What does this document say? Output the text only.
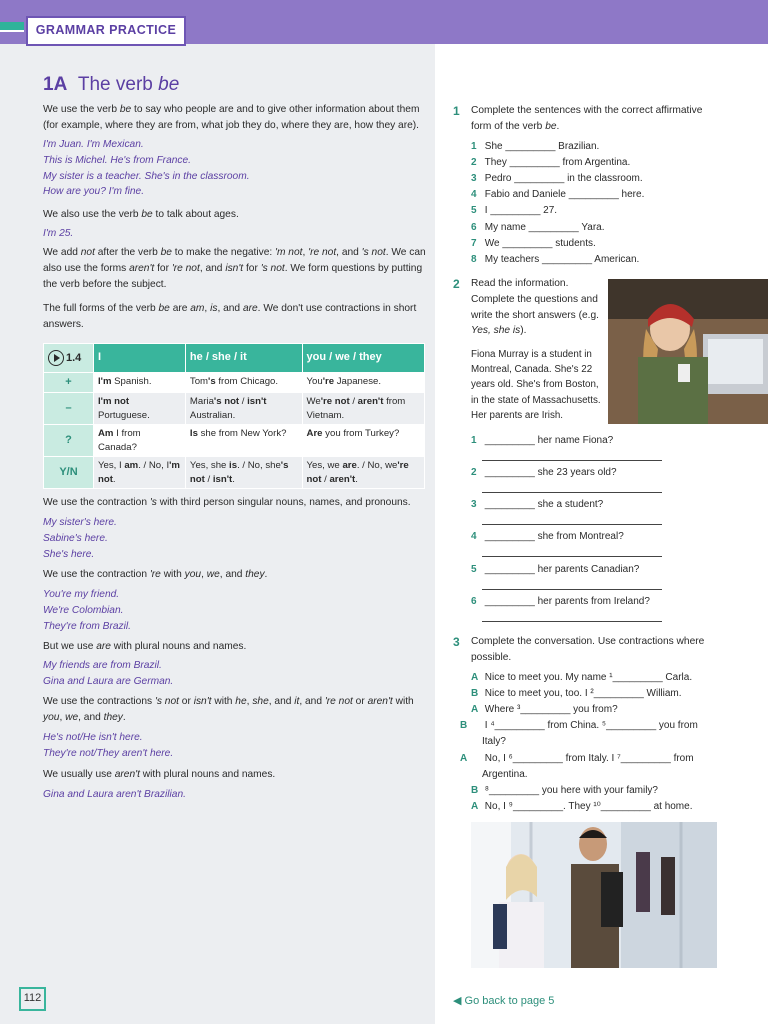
GRAMMAR PRACTICE
1A The verb be

We use the verb be to say who people are and to give other information about them (for example, where they are from, what job they do, where they are, how they are).

I'm Juan. I'm Mexican.

This is Michel. He's from France.

My sister is a teacher. She's in the classroom.

How are you? I'm fine.

We also use the verb be to talk about ages.

I'm 25.

We add not after the verb be to make the negative: 'm not, 're not, and 's not. We can also use the forms aren't for 're not, and isn't for 's not. We form questions by putting the verb before the subject.

The full forms of the verb be are am, is, and are. We don't use contractions in short answers.

1.4	I	he / she / it	you / we / they
+	I'm Spanish.	Tom's from Chicago.	You're Japanese.
–	I'm not Portuguese.	Maria's not / isn't Australian.	We're not / aren't from Vietnam.
?	Am I from Canada?	Is she from New York?	Are you from Turkey?
Y/N	Yes, I am. / No, I'm not.	Yes, she is. / No, she's not / isn't.	Yes, we are. / No, we're not / aren't.

We use the contraction 's with third person singular nouns, names, and pronouns.

My sister's here.

Sabine's here.

She's here.

We use the contraction 're with you, we, and they.

You're my friend.

We're Colombian.

They're from Brazil.

But we use are with plural nouns and names.

My friends are from Brazil.

Gina and Laura are German.

We use the contractions 's not or isn't with he, she, and it, and 're not or aren't with you, we, and they.

He's not/He isn't here.

They're not/They aren't here.

We usually use aren't with plural nouns and names.

Gina and Laura aren't Brazilian.
1 Complete the sentences with the correct affirmative form of the verb be.
1 She _________ Brazilian.
2 They _________ from Argentina.
3 Pedro _________ in the classroom.
4 Fabio and Daniele _________ here.
5 I _________ 27.
6 My name _________ Yara.
7 We _________ students.
8 My teachers _________ American.
2 Read the information. Complete the questions and write the short answers (e.g. Yes, she is).
Fiona Murray is a student in Montreal, Canada. She's 22 years old. She's from Boston, in the state of Massachusetts. Her parents are Irish.
1 _________ her name Fiona?
2 _________ she 23 years old?
3 _________ she a student?
4 _________ she from Montreal?
5 _________ her parents Canadian?
6 _________ her parents from Ireland?
3 Complete the conversation. Use contractions where possible.
A Nice to meet you. My name ¹_________ Carla.
B Nice to meet you, too. I ²_________ William.
A Where ³_________ you from?
B I ⁴_________ from China. ⁵_________ you from Italy?
A No, I ⁶_________ from Italy. I ⁷_________ from Argentina.
B ⁸_________ you here with your family?
A No, I ⁹_________. They ¹⁰_________ at home.
112	◀ Go back to page 5
